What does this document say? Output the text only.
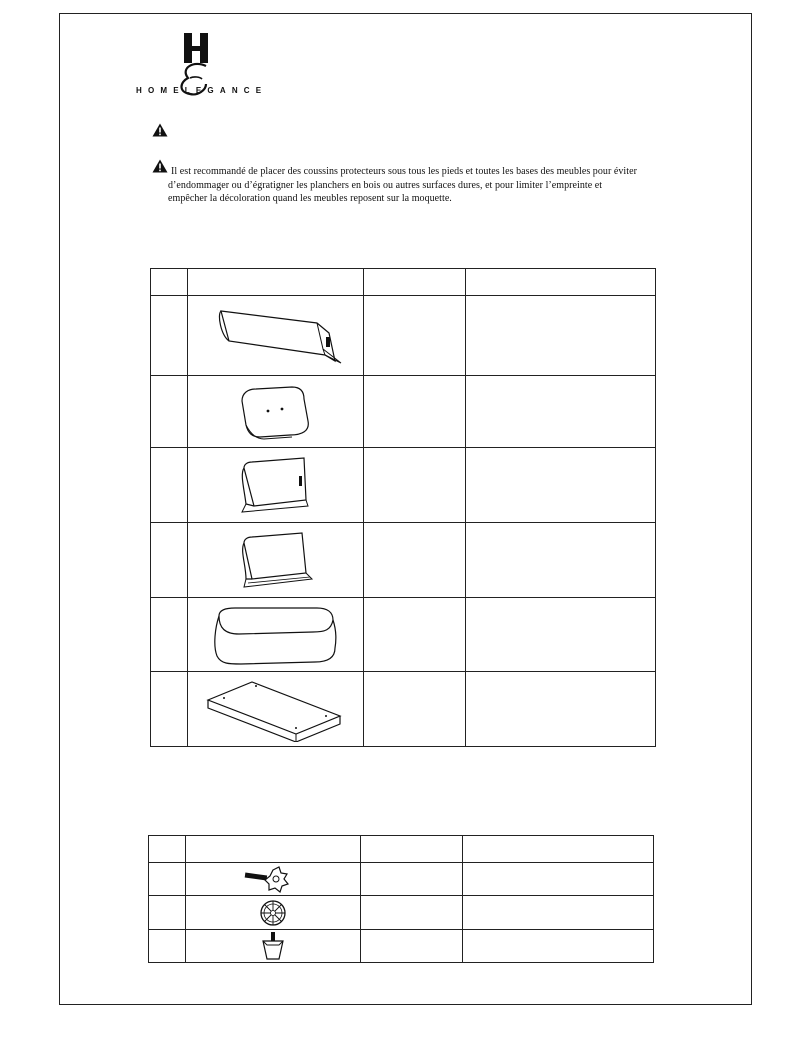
HOMELEGANCE
Il est recommandé de placer des coussins protecteurs sous tous les pieds et toutes les bases des meubles pour éviter
d’endommager ou d’égratigner les planchers en bois ou autres surfaces dures, et pour limiter l’empreinte et
empêcher la décoloration quand les meubles reposent sur la moquette.
